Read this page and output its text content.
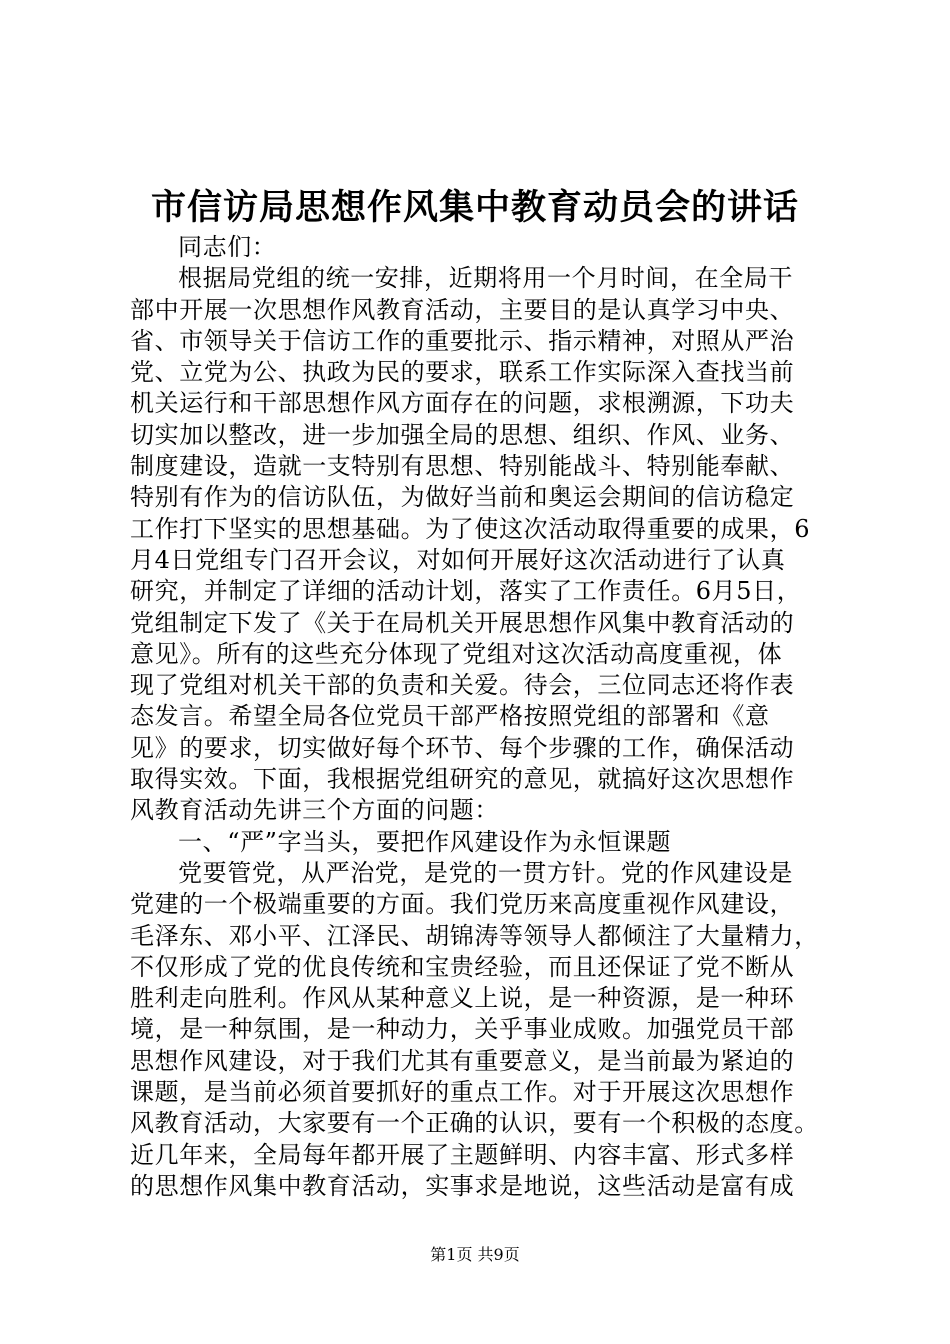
市信访局思想作风集中教育动员会的讲话
同志们：
根据局党组的统一安排，近期将用一个月时间，在全局干
部中开展一次思想作风教育活动，主要目的是认真学习中央、
省、市领导关于信访工作的重要批示、指示精神，对照从严治
党、立党为公、执政为民的要求，联系工作实际深入查找当前
机关运行和干部思想作风方面存在的问题，求根溯源，下功夫
切实加以整改，进一步加强全局的思想、组织、作风、业务、
制度建设，造就一支特别有思想、特别能战斗、特别能奉献、
特别有作为的信访队伍，为做好当前和奥运会期间的信访稳定
工作打下坚实的思想基础。为了使这次活动取得重要的成果，6
月4日党组专门召开会议，对如何开展好这次活动进行了认真
研究，并制定了详细的活动计划，落实了工作责任。6月5日，
党组制定下发了《关于在局机关开展思想作风集中教育活动的
意见》。所有的这些充分体现了党组对这次活动高度重视，体
现了党组对机关干部的负责和关爱。待会，三位同志还将作表
态发言。希望全局各位党员干部严格按照党组的部署和《意
见》的要求，切实做好每个环节、每个步骤的工作，确保活动
取得实效。下面，我根据党组研究的意见，就搞好这次思想作
风教育活动先讲三个方面的问题：
一、“严”字当头，要把作风建设作为永恒课题
党要管党，从严治党，是党的一贯方针。党的作风建设是
党建的一个极端重要的方面。我们党历来高度重视作风建设，
毛泽东、邓小平、江泽民、胡锦涛等领导人都倾注了大量精力，
不仅形成了党的优良传统和宝贵经验，而且还保证了党不断从
胜利走向胜利。作风从某种意义上说，是一种资源，是一种环
境，是一种氛围，是一种动力，关乎事业成败。加强党员干部
思想作风建设，对于我们尤其有重要意义，是当前最为紧迫的
课题，是当前必须首要抓好的重点工作。对于开展这次思想作
风教育活动，大家要有一个正确的认识，要有一个积极的态度。
近几年来，全局每年都开展了主题鲜明、内容丰富、形式多样
的思想作风集中教育活动，实事求是地说，这些活动是富有成
第1页 共9页
